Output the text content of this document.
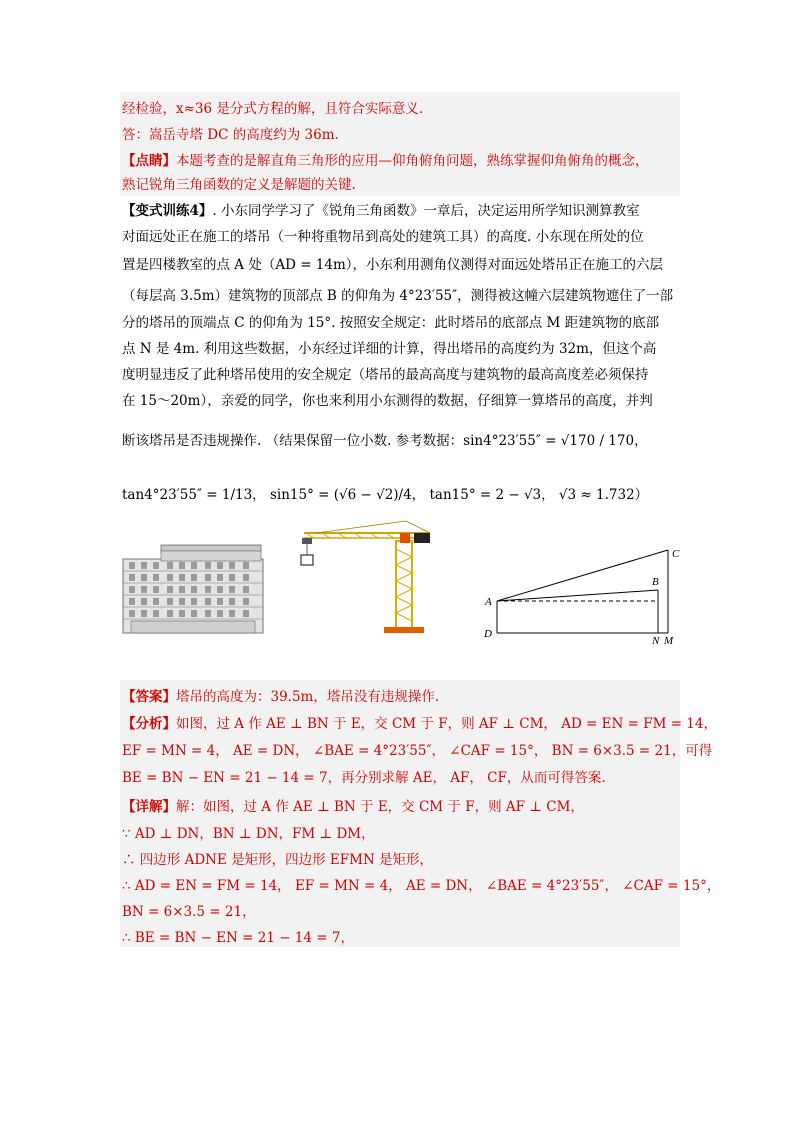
经检验，x≈36 是分式方程的解，且符合实际意义.
答：嵩岳寺塔 DC 的高度约为 36m.
【点睛】本题考查的是解直角三角形的应用—仰角俯角问题，熟练掌握仰角俯角的概念，
熟记锐角三角函数的定义是解题的关键.
【变式训练4】. 小东同学学习了《锐角三角函数》一章后，决定运用所学知识测算教室
对面远处正在施工的塔吊（一种将重物吊到高处的建筑工具）的高度. 小东现在所处的位
置是四楼教室的点 A 处（AD = 14m），小东利用测角仪测得对面远处塔吊正在施工的六层
（每层高 3.5m）建筑物的顶部点 B 的仰角为 4°23′55″，测得被这幢六层建筑物遮住了一部
分的塔吊的顶端点 C 的仰角为 15°. 按照安全规定：此时塔吊的底部点 M 距建筑物的底部
点 N 是 4m. 利用这些数据，小东经过详细的计算，得出塔吊的高度约为 32m，但这个高
度明显违反了此种塔吊使用的安全规定（塔吊的最高高度与建筑物的最高高度差必须保持
在 15～20m），亲爱的同学，你也来利用小东测得的数据，仔细算一算塔吊的高度，并判
断该塔吊是否违规操作. （结果保留一位小数. 参考数据：sin4°23′55″ = √170 / 170，
tan4°23′55″ = 1/13， sin15° = (√6 − √2)/4， tan15° = 2 − √3， √3 ≈ 1.732）
A
B
C
D
N M
【答案】塔吊的高度为：39.5m，塔吊没有违规操作.
【分析】如图，过 A 作 AE ⊥ BN 于 E，交 CM 于 F，则 AF ⊥ CM， AD = EN = FM = 14，
EF = MN = 4， AE = DN， ∠BAE = 4°23′55″， ∠CAF = 15°， BN = 6×3.5 = 21，可得
BE = BN − EN = 21 − 14 = 7，再分别求解 AE， AF， CF，从而可得答案.
【详解】解：如图，过 A 作 AE ⊥ BN 于 E，交 CM 于 F，则 AF ⊥ CM，
∵ AD ⊥ DN，BN ⊥ DN，FM ⊥ DM，
∴ 四边形 ADNE 是矩形，四边形 EFMN 是矩形，
∴ AD = EN = FM = 14， EF = MN = 4， AE = DN， ∠BAE = 4°23′55″， ∠CAF = 15°，
BN = 6×3.5 = 21，
∴ BE = BN − EN = 21 − 14 = 7，
